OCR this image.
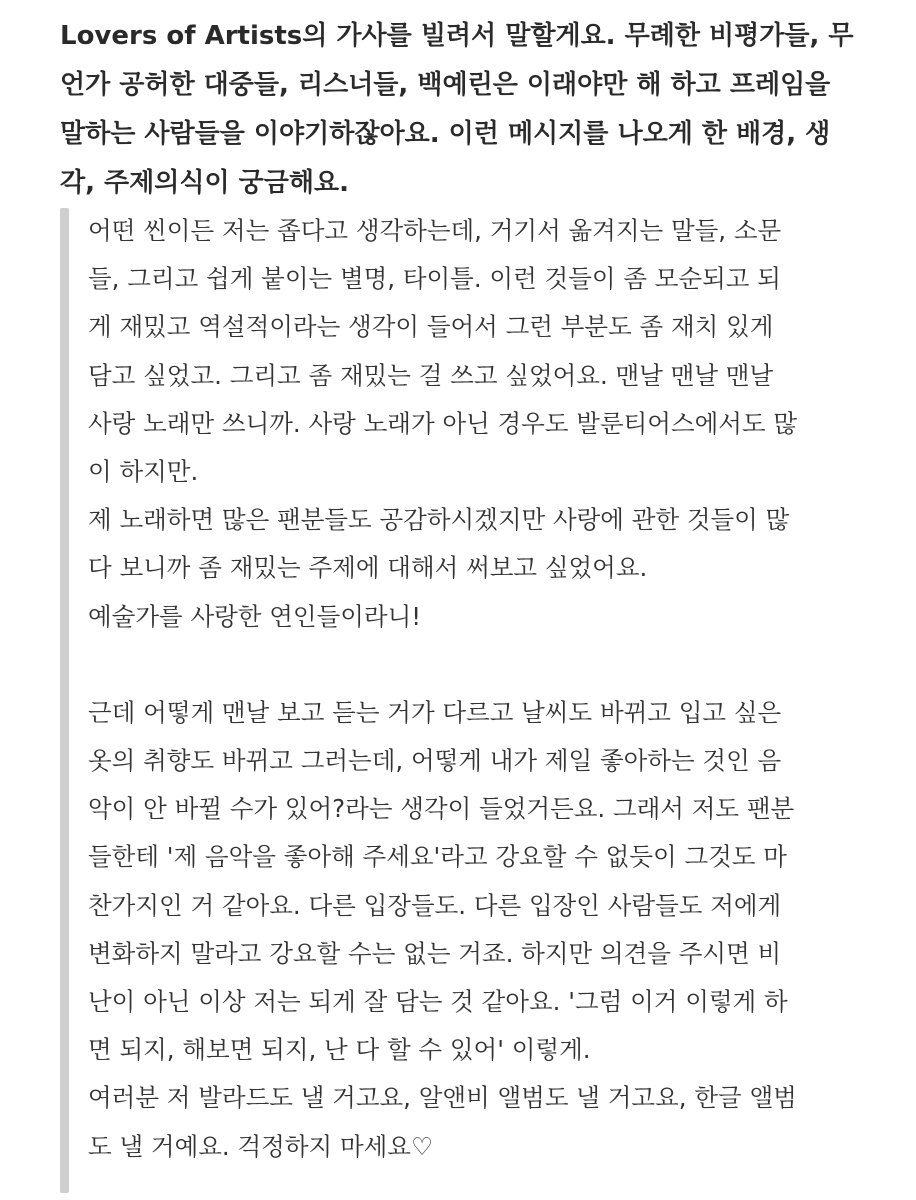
Lovers of Artists의 가사를 빌려서 말할게요. 무례한 비평가들, 무
언가 공허한 대중들, 리스너들, 백예린은 이래야만 해 하고 프레임을
말하는 사람들을 이야기하잖아요. 이런 메시지를 나오게 한 배경, 생
각, 주제의식이 궁금해요.
어떤 씬이든 저는 좁다고 생각하는데, 거기서 옮겨지는 말들, 소문
들, 그리고 쉽게 붙이는 별명, 타이틀. 이런 것들이 좀 모순되고 되
게 재밌고 역설적이라는 생각이 들어서 그런 부분도 좀 재치 있게
담고 싶었고. 그리고 좀 재밌는 걸 쓰고 싶었어요. 맨날 맨날 맨날
사랑 노래만 쓰니까. 사랑 노래가 아닌 경우도 발룬티어스에서도 많
이 하지만.
제 노래하면 많은 팬분들도 공감하시겠지만 사랑에 관한 것들이 많
다 보니까 좀 재밌는 주제에 대해서 써보고 싶었어요.
예술가를 사랑한 연인들이라니!
근데 어떻게 맨날 보고 듣는 거가 다르고 날씨도 바뀌고 입고 싶은
옷의 취향도 바뀌고 그러는데, 어떻게 내가 제일 좋아하는 것인 음
악이 안 바뀔 수가 있어?라는 생각이 들었거든요. 그래서 저도 팬분
들한테 '제 음악을 좋아해 주세요'라고 강요할 수 없듯이 그것도 마
찬가지인 거 같아요. 다른 입장들도. 다른 입장인 사람들도 저에게
변화하지 말라고 강요할 수는 없는 거죠. 하지만 의견을 주시면 비
난이 아닌 이상 저는 되게 잘 담는 것 같아요. '그럼 이거 이렇게 하
면 되지, 해보면 되지, 난 다 할 수 있어' 이렇게.
여러분 저 발라드도 낼 거고요, 알앤비 앨범도 낼 거고요, 한글 앨범
도 낼 거예요. 걱정하지 마세요♡
